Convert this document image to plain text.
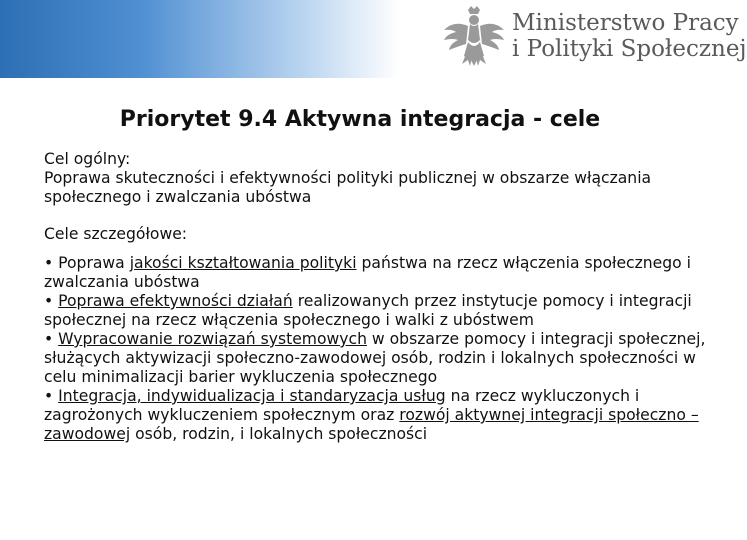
Ministerstwo Pracy
i Polityki Społecznej
Priorytet 9.4 Aktywna integracja - cele

Cel ogólny:

Poprawa skuteczności i efektywności polityki publicznej w obszarze włączania społecznego i zwalczania ubóstwa

Cele szczegółowe:

• Poprawa jakości kształtowania polityki państwa na rzecz włączenia społecznego i zwalczania ubóstwa

• Poprawa efektywności działań realizowanych przez instytucje pomocy i integracji społecznej na rzecz włączenia społecznego i walki z ubóstwem

• Wypracowanie rozwiązań systemowych w obszarze pomocy i integracji społecznej, służących aktywizacji społeczno-zawodowej osób, rodzin i lokalnych społeczności w celu minimalizacji barier wykluczenia społecznego

• Integracja, indywidualizacja i standaryzacja usług na rzecz wykluczonych i zagrożonych wykluczeniem społecznym oraz rozwój aktywnej integracji społeczno – zawodowej osób, rodzin, i lokalnych społeczności
